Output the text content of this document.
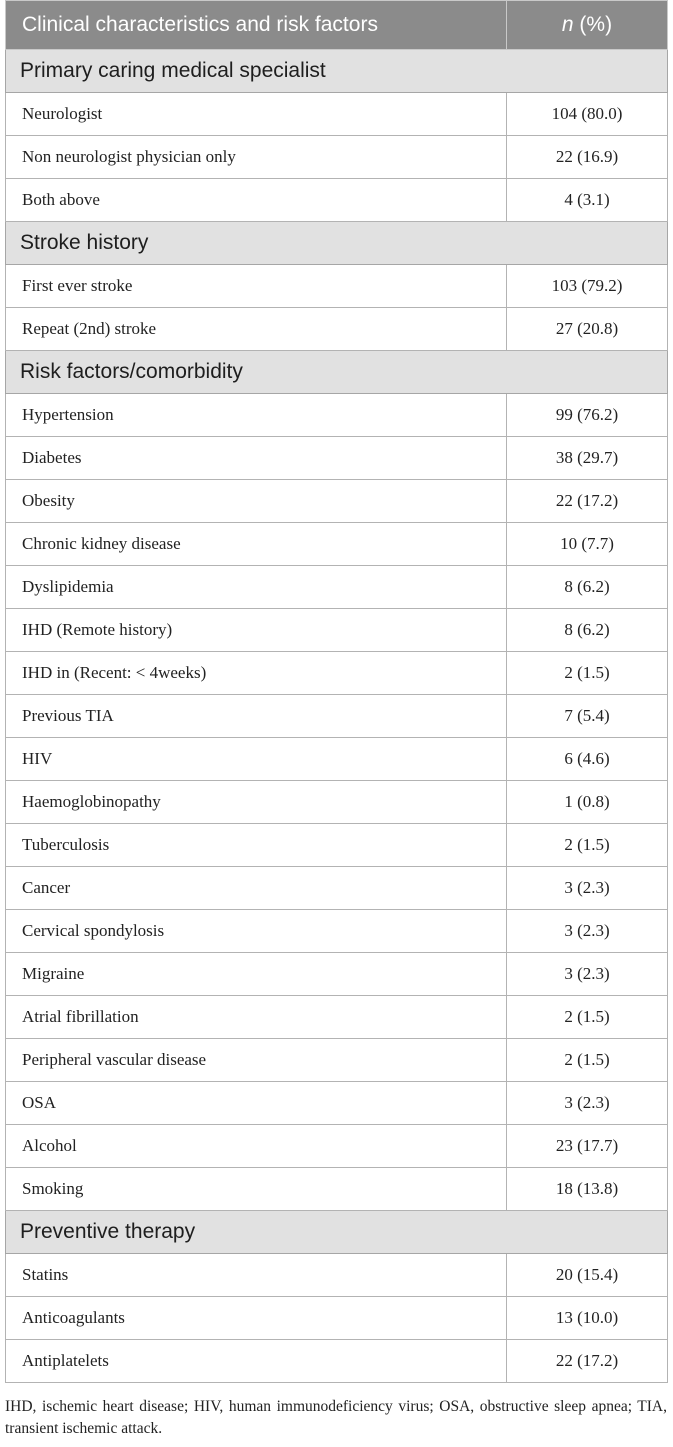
Clinical characteristics and risk factors	n (%)
Primary caring medical specialist	
Neurologist	104 (80.0)
Non neurologist physician only	22 (16.9)
Both above	4 (3.1)
Stroke history	
First ever stroke	103 (79.2)
Repeat (2nd) stroke	27 (20.8)
Risk factors/comorbidity	
Hypertension	99 (76.2)
Diabetes	38 (29.7)
Obesity	22 (17.2)
Chronic kidney disease	10 (7.7)
Dyslipidemia	8 (6.2)
IHD (Remote history)	8 (6.2)
IHD in (Recent: < 4weeks)	2 (1.5)
Previous TIA	7 (5.4)
HIV	6 (4.6)
Haemoglobinopathy	1 (0.8)
Tuberculosis	2 (1.5)
Cancer	3 (2.3)
Cervical spondylosis	3 (2.3)
Migraine	3 (2.3)
Atrial fibrillation	2 (1.5)
Peripheral vascular disease	2 (1.5)
OSA	3 (2.3)
Alcohol	23 (17.7)
Smoking	18 (13.8)
Preventive therapy	
Statins	20 (15.4)
Anticoagulants	13 (10.0)
Antiplatelets	22 (17.2)
IHD, ischemic heart disease; HIV, human immunodeficiency virus; OSA, obstructive sleep apnea; TIA, transient ischemic attack.
